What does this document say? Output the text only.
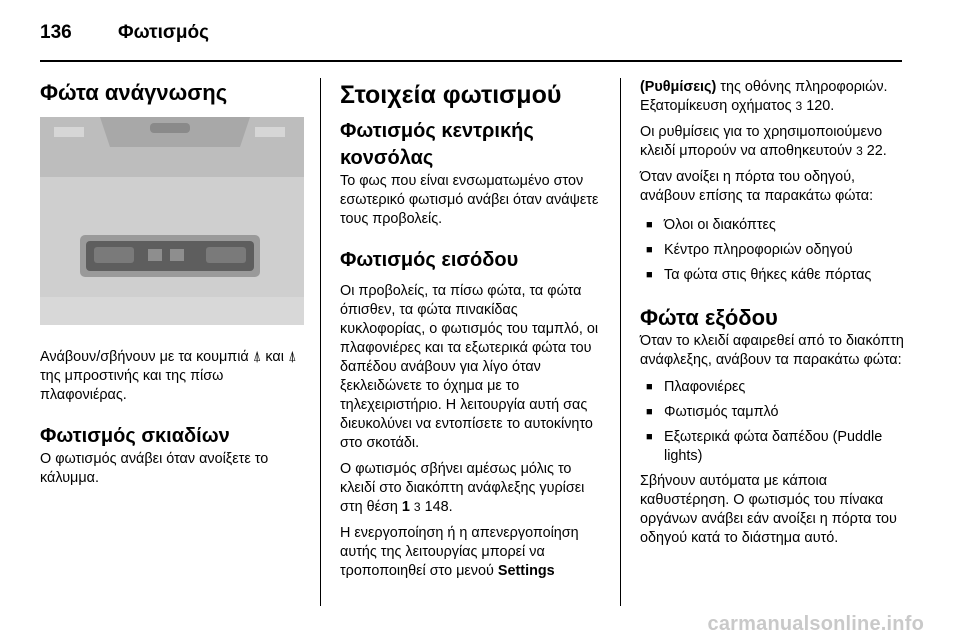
136 Φωτισμός
Φώτα ανάγνωσης

Ανάβουν/σβήνουν με τα κουμπιά ⍋ και ⍋ της μπροστινής και της πίσω πλαφονιέρας.

Φωτισμός σκιαδίων

Ο φωτισμός ανάβει όταν ανοίξετε το κάλυμμα.

Στοιχεία φωτισμού
Φωτισμός κεντρικής κονσόλας

Το φως που είναι ενσωματωμένο στον εσωτερικό φωτισμό ανάβει όταν ανάψετε τους προβολείς.

Φωτισμός εισόδου

Οι προβολείς, τα πίσω φώτα, τα φώτα όπισθεν, τα φώτα πινακίδας κυκλοφορίας, ο φωτισμός του ταμπλό, οι πλαφονιέρες και τα εξωτερικά φώτα του δαπέδου ανάβουν για λίγο όταν ξεκλειδώνετε το όχημα με το τηλεχειριστήριο. Η λειτουργία αυτή σας διευκολύνει να εντοπίσετε το αυτοκίνητο στο σκοτάδι.

Ο φωτισμός σβήνει αμέσως μόλις το κλειδί στο διακόπτη ανάφλεξης γυρίσει στη θέση 1 3 148.

Η ενεργοποίηση ή η απενεργοποίηση αυτής της λειτουργίας μπορεί να τροποποιηθεί στο μενού Settings

(Ρυθμίσεις) της οθόνης πληροφοριών. Εξατομίκευση οχήματος 3 120.

Οι ρυθμίσεις για το χρησιμοποιούμενο κλειδί μπορούν να αποθηκευτούν 3 22.

Όταν ανοίξει η πόρτα του οδηγού, ανάβουν επίσης τα παρακάτω φώτα:

■ Όλοι οι διακόπτες
■ Κέντρο πληροφοριών οδηγού
■ Τα φώτα στις θήκες κάθε πόρτας
Φώτα εξόδου

Όταν το κλειδί αφαιρεθεί από το διακόπτη ανάφλεξης, ανάβουν τα παρακάτω φώτα:

■ Πλαφονιέρες
■ Φωτισμός ταμπλό
■ Εξωτερικά φώτα δαπέδου (Puddle lights)

Σβήνουν αυτόματα με κάποια καθυστέρηση. Ο φωτισμός του πίνακα οργάνων ανάβει εάν ανοίξει η πόρτα του οδηγού κατά το διάστημα αυτό.

carmanualsonline.info
